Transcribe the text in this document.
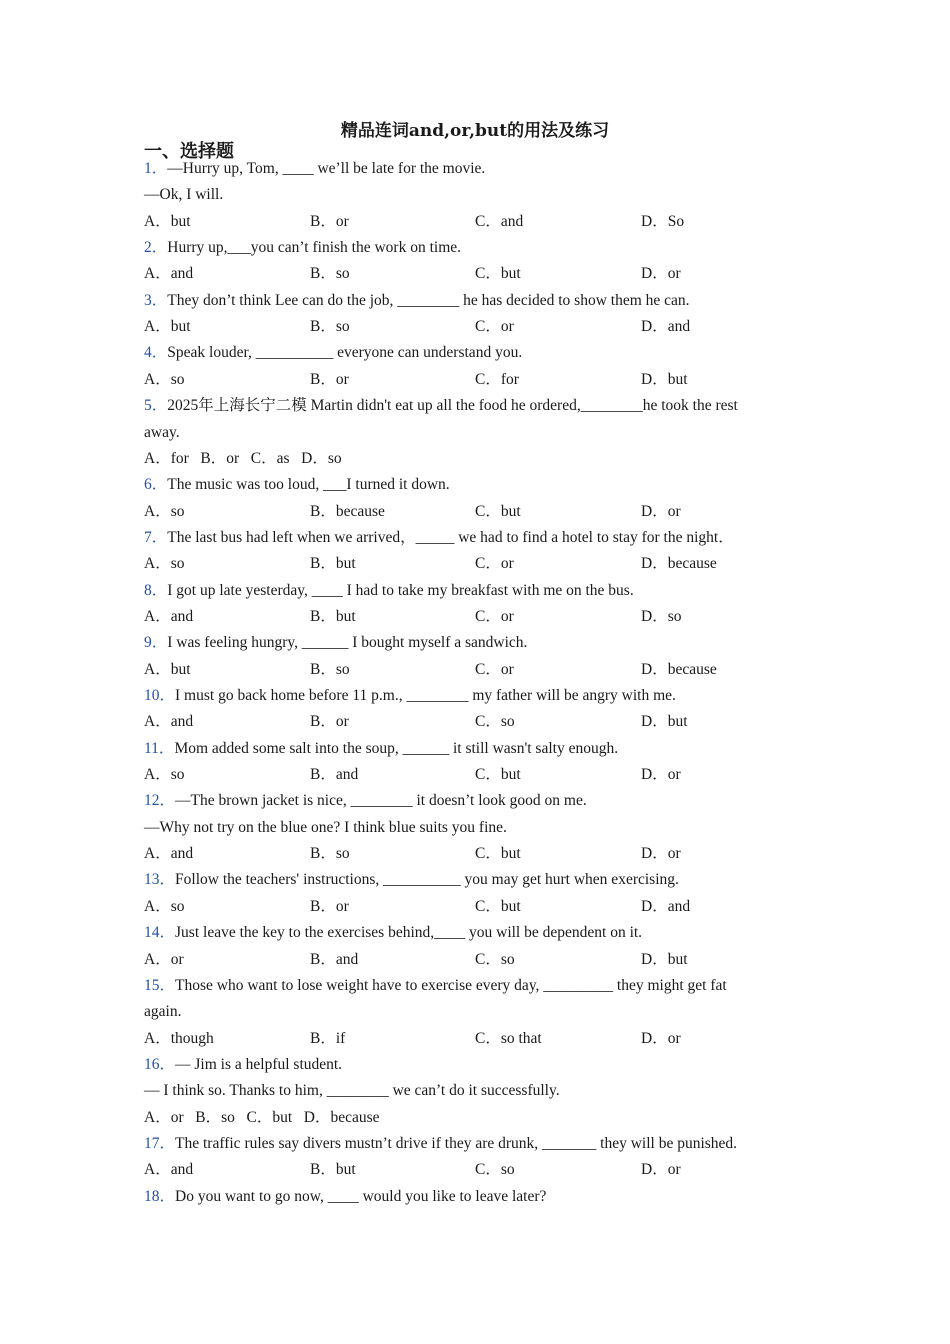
精品连词and,or,but的用法及练习
一、选择题
1．—Hurry up, Tom, ____ we’ll be late for the movie.
—Ok, I will.
A．but	B．or	C．and	D．So
2．Hurry up,___you can’t finish the work on time.
A．and	B．so	C．but	D．or
3．They don’t think Lee can do the job, ________ he has decided to show them he can.
A．but	B．so	C．or	D．and
4．Speak louder, __________ everyone can understand you.
A．so	B．or	C．for	D．but
5．2025年上海长宁二模 Martin didn't eat up all the food he ordered,________he took the rest
away.
A．for   B．or   C．as   D．so
6．The music was too loud, ___I turned it down.
A．so	B．because	C．but	D．or
7．The last bus had left when we arrived，_____ we had to find a hotel to stay for the night．
A．so	B．but	C．or	D．because
8．I got up late yesterday, ____ I had to take my breakfast with me on the bus.
A．and	B．but	C．or	D．so
9．I was feeling hungry, ______ I bought myself a sandwich.
A．but	B．so	C．or	D．because
10．I must go back home before 11 p.m., ________ my father will be angry with me.
A．and	B．or	C．so	D．but
11．Mom added some salt into the soup, ______ it still wasn't salty enough.
A．so	B．and	C．but	D．or
12．—The brown jacket is nice, ________ it doesn’t look good on me.
—Why not try on the blue one? I think blue suits you fine.
A．and	B．so	C．but	D．or
13．Follow the teachers' instructions, __________ you may get hurt when exercising.
A．so	B．or	C．but	D．and
14．Just leave the key to the exercises behind,____ you will be dependent on it.
A．or	B．and	C．so	D．but
15．Those who want to lose weight have to exercise every day, _________ they might get fat
again.
A．though	B．if	C．so that	D．or
16．— Jim is a helpful student.
— I think so. Thanks to him, ________ we can’t do it successfully.
A．or   B．so   C．but   D．because
17．The traffic rules say divers mustn’t drive if they are drunk, _______ they will be punished.
A．and	B．but	C．so	D．or
18．Do you want to go now, ____ would you like to leave later?
